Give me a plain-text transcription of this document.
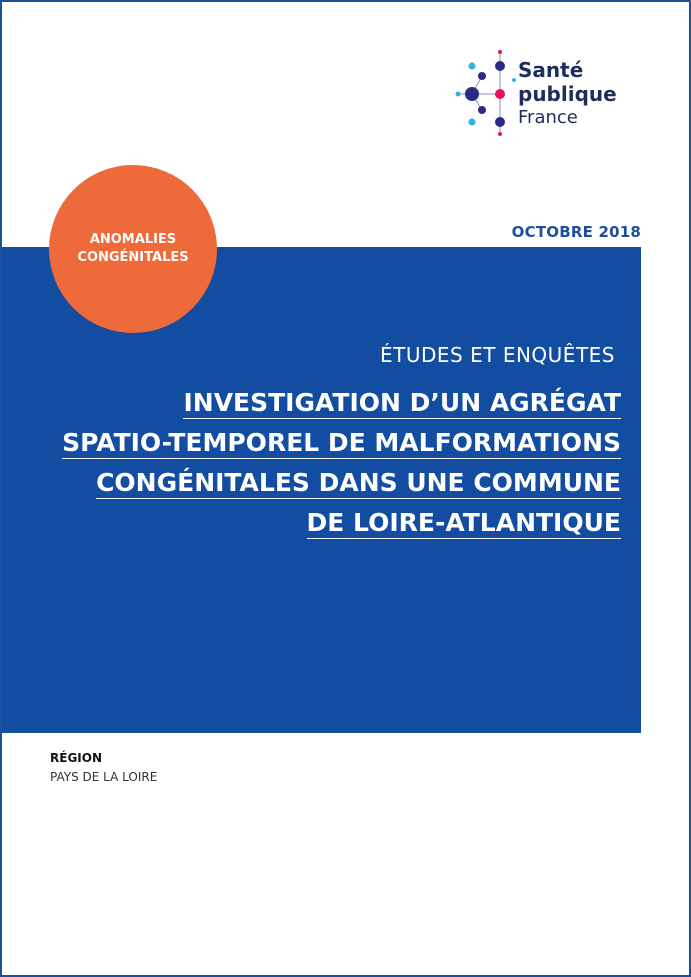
Santé
publique
France
OCTOBRE 2018
ANOMALIES
CONGÉNITALES
ÉTUDES ET ENQUÊTES
INVESTIGATION D’UN AGRÉGAT
SPATIO-TEMPOREL DE MALFORMATIONS
CONGÉNITALES DANS UNE COMMUNE
DE LOIRE-ATLANTIQUE
RÉGION
PAYS DE LA LOIRE
